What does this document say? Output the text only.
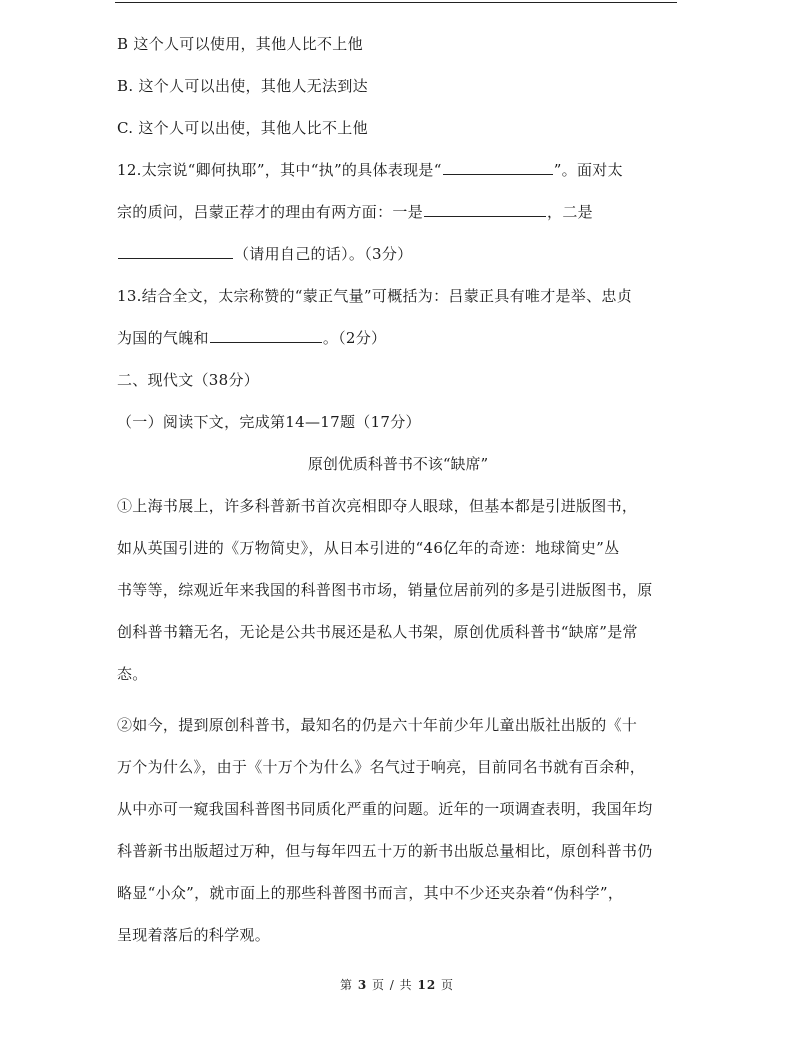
B 这个人可以使用，其他人比不上他
B. 这个人可以出使，其他人无法到达
C. 这个人可以出使，其他人比不上他
12.太宗说“卿何执耶”，其中“执”的具体表现是“	”。面对太
宗的质问，吕蒙正荐才的理由有两方面：一是	，二是
（请用自己的话）。（3分）
13.结合全文，太宗称赞的“蒙正气量”可概括为：吕蒙正具有唯才是举、忠贞
为国的气魄和	。（2分）
二、现代文（38分）
（一）阅读下文，完成第14—17题（17分）
原创优质科普书不该“缺席”
①上海书展上，许多科普新书首次亮相即夺人眼球，但基本都是引进版图书，
如从英国引进的《万物简史》，从日本引进的“46亿年的奇迹：地球简史”丛
书等等，综观近年来我国的科普图书市场，销量位居前列的多是引进版图书，原
创科普书籍无名，无论是公共书展还是私人书架，原创优质科普书“缺席”是常
态。
②如今，提到原创科普书，最知名的仍是六十年前少年儿童出版社出版的《十
万个为什么》，由于《十万个为什么》名气过于响亮，目前同名书就有百余种，
从中亦可一窥我国科普图书同质化严重的问题。近年的一项调查表明，我国年均
科普新书出版超过万种，但与每年四五十万的新书出版总量相比，原创科普书仍
略显“小众”，就市面上的那些科普图书而言，其中不少还夹杂着“伪科学”，
呈现着落后的科学观。
第 3 页 / 共 12 页
